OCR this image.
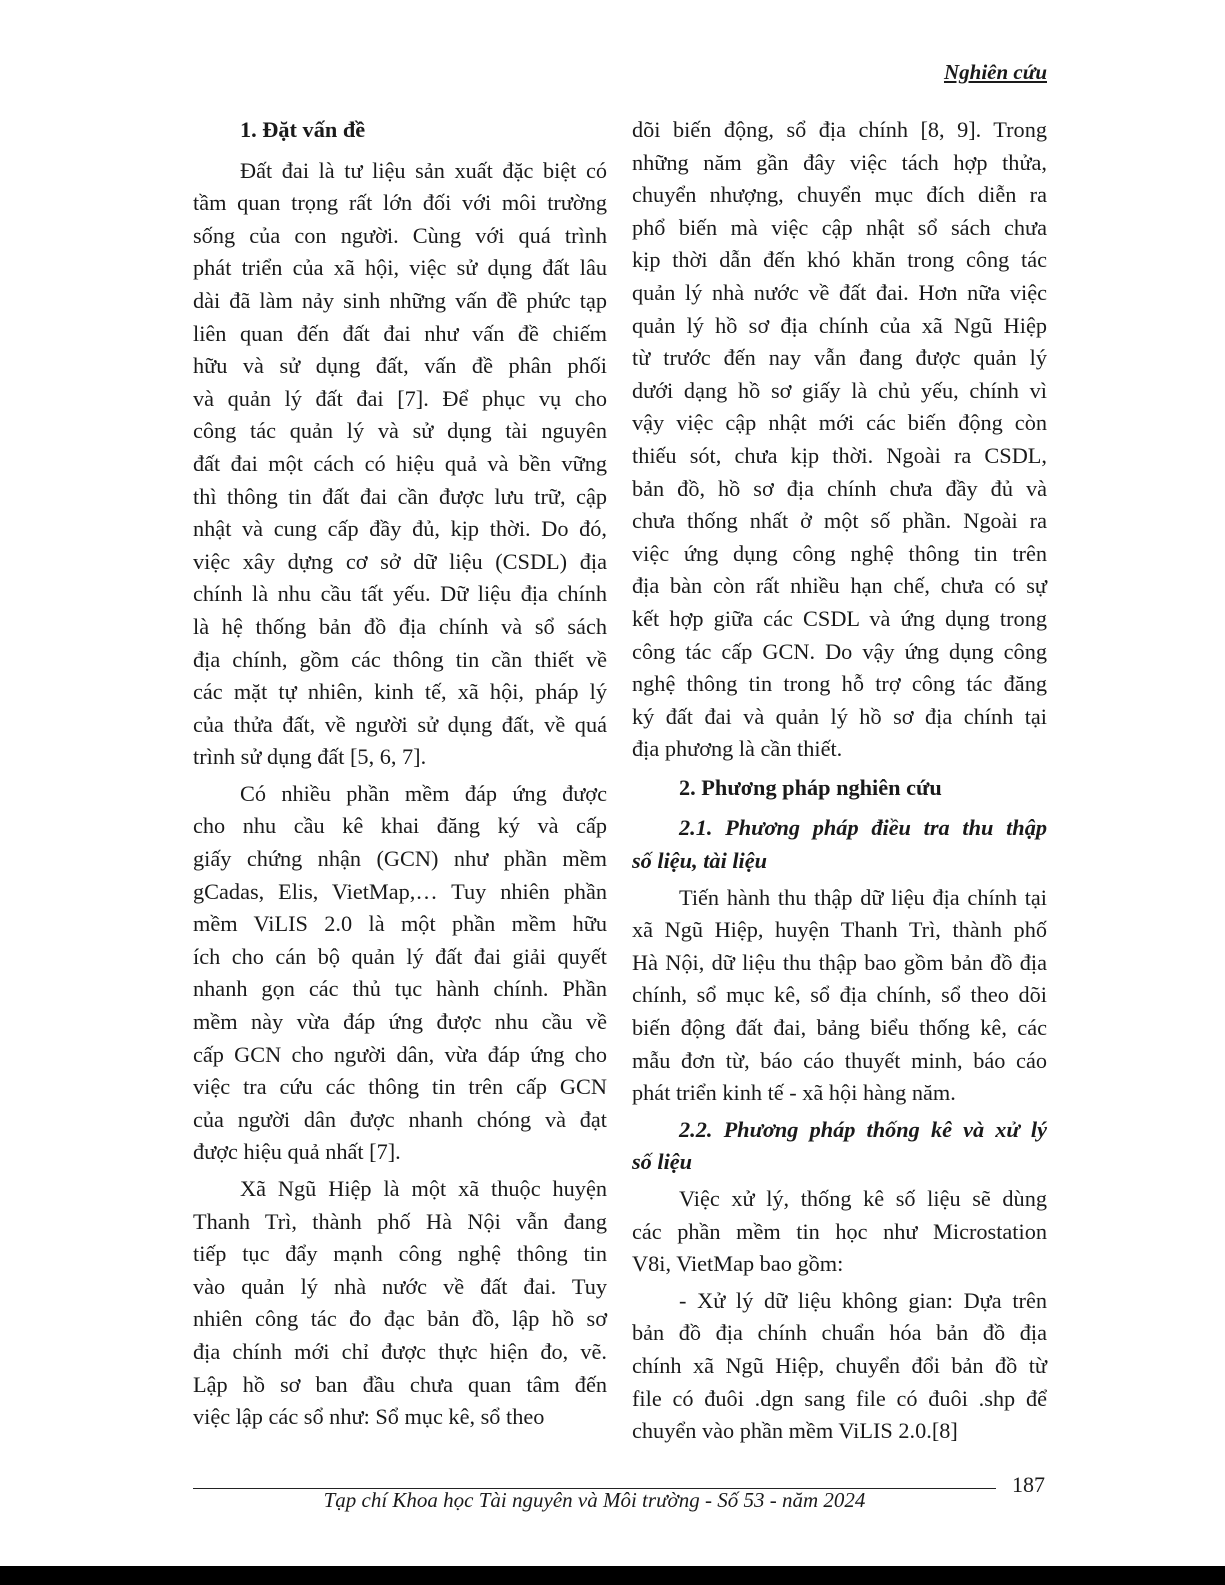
Nghiên cứu
1. Đặt vấn đề
Đất đai là tư liệu sản xuất đặc biệt có
tầm quan trọng rất lớn đối với môi trường
sống của con người. Cùng với quá trình
phát triển của xã hội, việc sử dụng đất lâu
dài đã làm nảy sinh những vấn đề phức tạp
liên quan đến đất đai như vấn đề chiếm
hữu và sử dụng đất, vấn đề phân phối
và quản lý đất đai [7]. Để phục vụ cho
công tác quản lý và sử dụng tài nguyên
đất đai một cách có hiệu quả và bền vững
thì thông tin đất đai cần được lưu trữ, cập
nhật và cung cấp đầy đủ, kịp thời. Do đó,
việc xây dựng cơ sở dữ liệu (CSDL) địa
chính là nhu cầu tất yếu. Dữ liệu địa chính
là hệ thống bản đồ địa chính và sổ sách
địa chính, gồm các thông tin cần thiết về
các mặt tự nhiên, kinh tế, xã hội, pháp lý
của thửa đất, về người sử dụng đất, về quá
trình sử dụng đất [5, 6, 7].
Có nhiều phần mềm đáp ứng được
cho nhu cầu kê khai đăng ký và cấp
giấy chứng nhận (GCN) như phần mềm
gCadas, Elis, VietMap,… Tuy nhiên phần
mềm ViLIS 2.0 là một phần mềm hữu
ích cho cán bộ quản lý đất đai giải quyết
nhanh gọn các thủ tục hành chính. Phần
mềm này vừa đáp ứng được nhu cầu về
cấp GCN cho người dân, vừa đáp ứng cho
việc tra cứu các thông tin trên cấp GCN
của người dân được nhanh chóng và đạt
được hiệu quả nhất [7].
Xã Ngũ Hiệp là một xã thuộc huyện
Thanh Trì, thành phố Hà Nội vẫn đang
tiếp tục đẩy mạnh công nghệ thông tin
vào quản lý nhà nước về đất đai. Tuy
nhiên công tác đo đạc bản đồ, lập hồ sơ
địa chính mới chỉ được thực hiện đo, vẽ.
Lập hồ sơ ban đầu chưa quan tâm đến
việc lập các sổ như: Sổ mục kê, sổ theo
dõi biến động, sổ địa chính [8, 9]. Trong
những năm gần đây việc tách hợp thửa,
chuyển nhượng, chuyển mục đích diễn ra
phổ biến mà việc cập nhật sổ sách chưa
kịp thời dẫn đến khó khăn trong công tác
quản lý nhà nước về đất đai. Hơn nữa việc
quản lý hồ sơ địa chính của xã Ngũ Hiệp
từ trước đến nay vẫn đang được quản lý
dưới dạng hồ sơ giấy là chủ yếu, chính vì
vậy việc cập nhật mới các biến động còn
thiếu sót, chưa kịp thời. Ngoài ra CSDL,
bản đồ, hồ sơ địa chính chưa đầy đủ và
chưa thống nhất ở một số phần. Ngoài ra
việc ứng dụng công nghệ thông tin trên
địa bàn còn rất nhiều hạn chế, chưa có sự
kết hợp giữa các CSDL và ứng dụng trong
công tác cấp GCN. Do vậy ứng dụng công
nghệ thông tin trong hỗ trợ công tác đăng
ký đất đai và quản lý hồ sơ địa chính tại
địa phương là cần thiết.
2. Phương pháp nghiên cứu
2.1. Phương pháp điều tra thu thập
số liệu, tài liệu
Tiến hành thu thập dữ liệu địa chính tại
xã Ngũ Hiệp, huyện Thanh Trì, thành phố
Hà Nội, dữ liệu thu thập bao gồm bản đồ địa
chính, sổ mục kê, sổ địa chính, sổ theo dõi
biến động đất đai, bảng biểu thống kê, các
mẫu đơn từ, báo cáo thuyết minh, báo cáo
phát triển kinh tế - xã hội hàng năm.
2.2. Phương pháp thống kê và xử lý
số liệu
Việc xử lý, thống kê số liệu sẽ dùng
các phần mềm tin học như Microstation
V8i, VietMap bao gồm:
- Xử lý dữ liệu không gian: Dựa trên
bản đồ địa chính chuẩn hóa bản đồ địa
chính xã Ngũ Hiệp, chuyển đổi bản đồ từ
file có đuôi .dgn sang file có đuôi .shp để
chuyển vào phần mềm ViLIS 2.0.[8]
187
Tạp chí Khoa học Tài nguyên và Môi trường - Số 53 - năm 2024
